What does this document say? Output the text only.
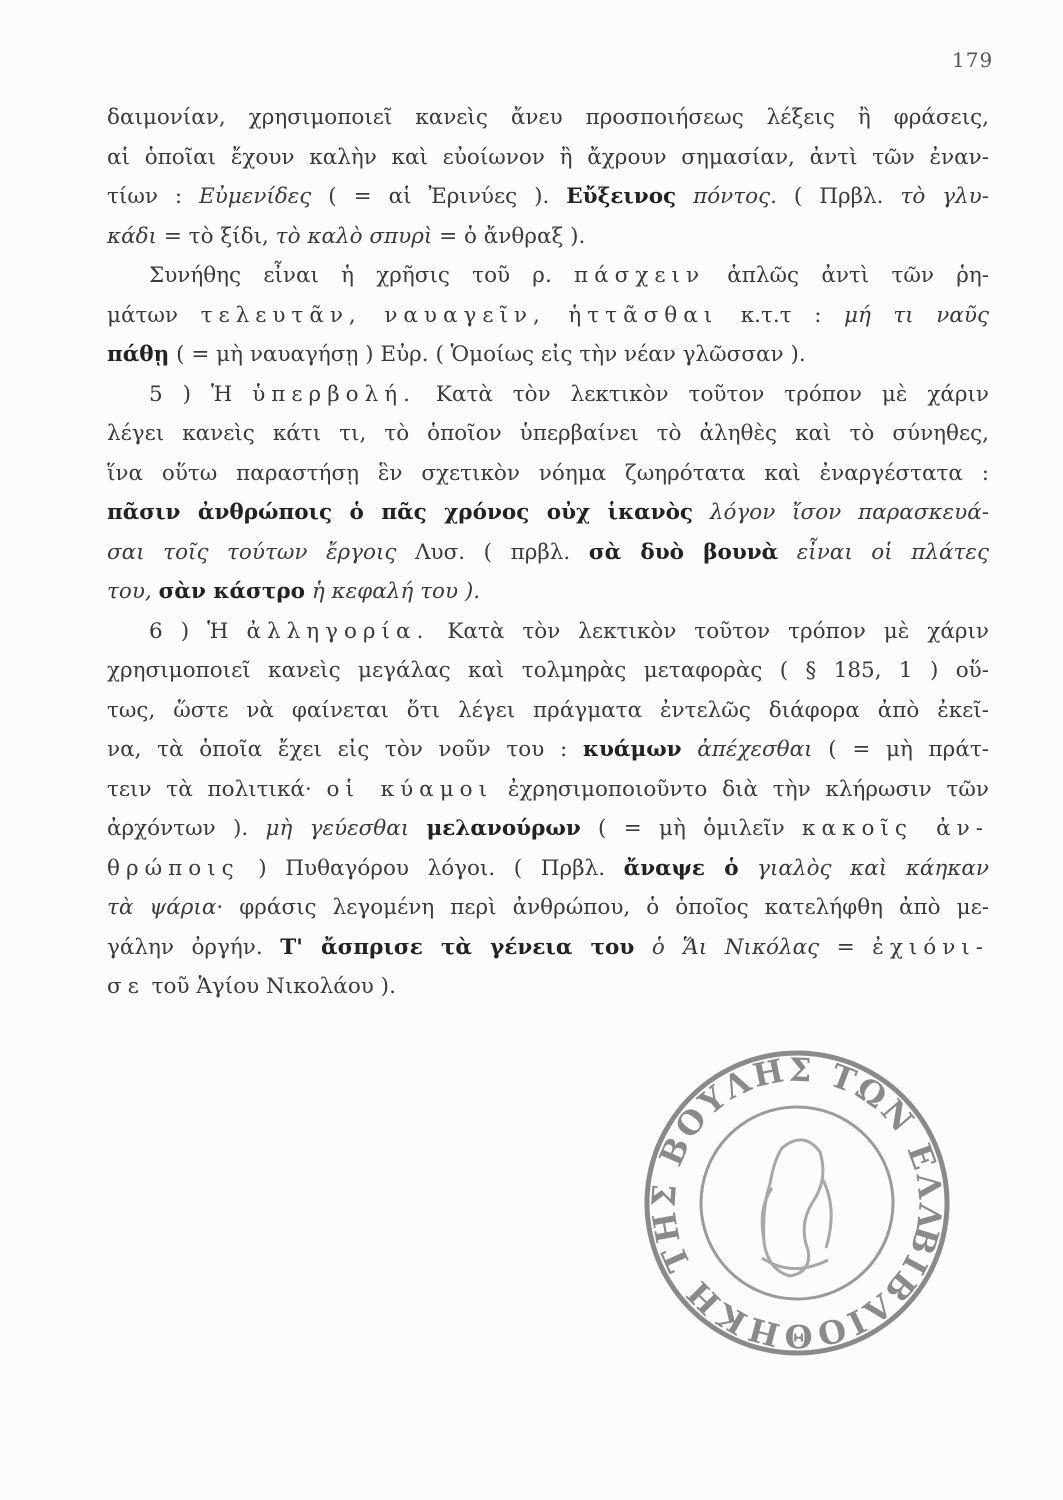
179
δαιμονίαν, χρησιμοποιεῖ κανεὶς ἄνευ προσποιήσεως λέξεις ἢ φράσεις,
αἱ ὁποῖαι ἔχουν καλὴν καὶ εὐοίωνον ἢ ἄχρουν σημασίαν, ἀντὶ τῶν ἐναν-
τίων : Εὐμενίδες ( = αἱ Ἐρινύες ). Εὔξεινος πόντος. ( Πρβλ. τὸ γλυ-
κάδι = τὸ ξίδι, τὸ καλὸ σπυρὶ = ὁ ἄνθραξ ).
Συνήθης εἶναι ἡ χρῆσις τοῦ ρ. πάσχειν ἁπλῶς ἀντὶ τῶν ῥη-
μάτων τελευτᾶν, ναυαγεῖν, ἡττᾶσθαι κ.τ.τ : μή τι ναῦς
πάθῃ ( = μὴ ναυαγήσῃ ) Εὐρ. ( Ὁμοίως εἰς τὴν νέαν γλῶσσαν ).
5 ) Ἡ ὑπερβολή. Κατὰ τὸν λεκτικὸν τοῦτον τρόπον μὲ χάριν
λέγει κανεὶς κάτι τι, τὸ ὁποῖον ὑπερβαίνει τὸ ἀληθὲς καὶ τὸ σύνηθες,
ἵνα οὕτω παραστήσῃ ἓν σχετικὸν νόημα ζωηρότατα καὶ ἐναργέστατα :
πᾶσιν ἀνθρώποις ὁ πᾶς χρόνος οὐχ ἱκανὸς λόγον ἴσον παρασκευά-
σαι τοῖς τούτων ἔργοις Λυσ. ( πρβλ. σὰ δυὸ βουνὰ εἶναι οἱ πλάτες
του, σὰν κάστρο ἡ κεφαλή του ).
6 ) Ἡ ἀλληγορία. Κατὰ τὸν λεκτικὸν τοῦτον τρόπον μὲ χάριν
χρησιμοποιεῖ κανεὶς μεγάλας καὶ τολμηρὰς μεταφορὰς ( § 185, 1 ) οὕ-
τως, ὥστε νὰ φαίνεται ὅτι λέγει πράγματα ἐντελῶς διάφορα ἀπὸ ἐκεῖ-
να, τὰ ὁποῖα ἔχει εἰς τὸν νοῦν του : κυάμων ἀπέχεσθαι ( = μὴ πράτ-
τειν τὰ πολιτικά· οἱ κύαμοι ἐχρησιμοποιοῦντο διὰ τὴν κλήρωσιν τῶν
ἀρχόντων ). μὴ γεύεσθαι μελανούρων ( = μὴ ὁμιλεῖν κακοῖς ἀν-
θρώποις ) Πυθαγόρου λόγοι. ( Πρβλ. ἄναψε ὁ γιαλὸς καὶ κάηκαν
τὰ ψάρια· φράσις λεγομένη περὶ ἀνθρώπου, ὁ ὁποῖος κατελήφθη ἀπὸ με-
γάλην ὀργήν. Τ' ἄσπρισε τὰ γένεια του ὁ Ἅι Νικόλας = ἐχιόνι-
σε τοῦ Ἁγίου Νικολάου ).
ΒΙΒΛΙΟΘΗΚΗ ΤΗΣ ΒΟΥΛΗΣ ΤΩΝ ΕΛΛΗΝΩΝ
